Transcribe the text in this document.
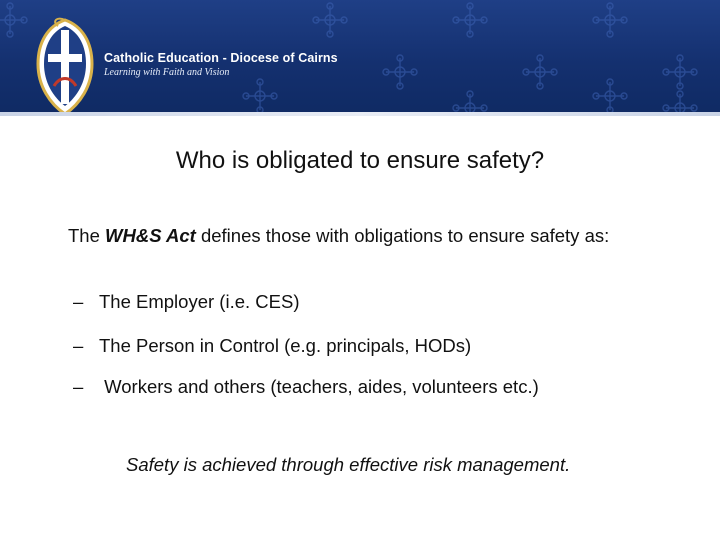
Catholic Education - Diocese of Cairns
Learning with Faith and Vision
Who is obligated to ensure safety?
The WH&S Act defines those with obligations to ensure safety as:
– The Employer (i.e. CES)
– The Person in Control (e.g. principals, HODs)
– Workers and others (teachers, aides, volunteers etc.)
Safety is achieved through effective risk management.
